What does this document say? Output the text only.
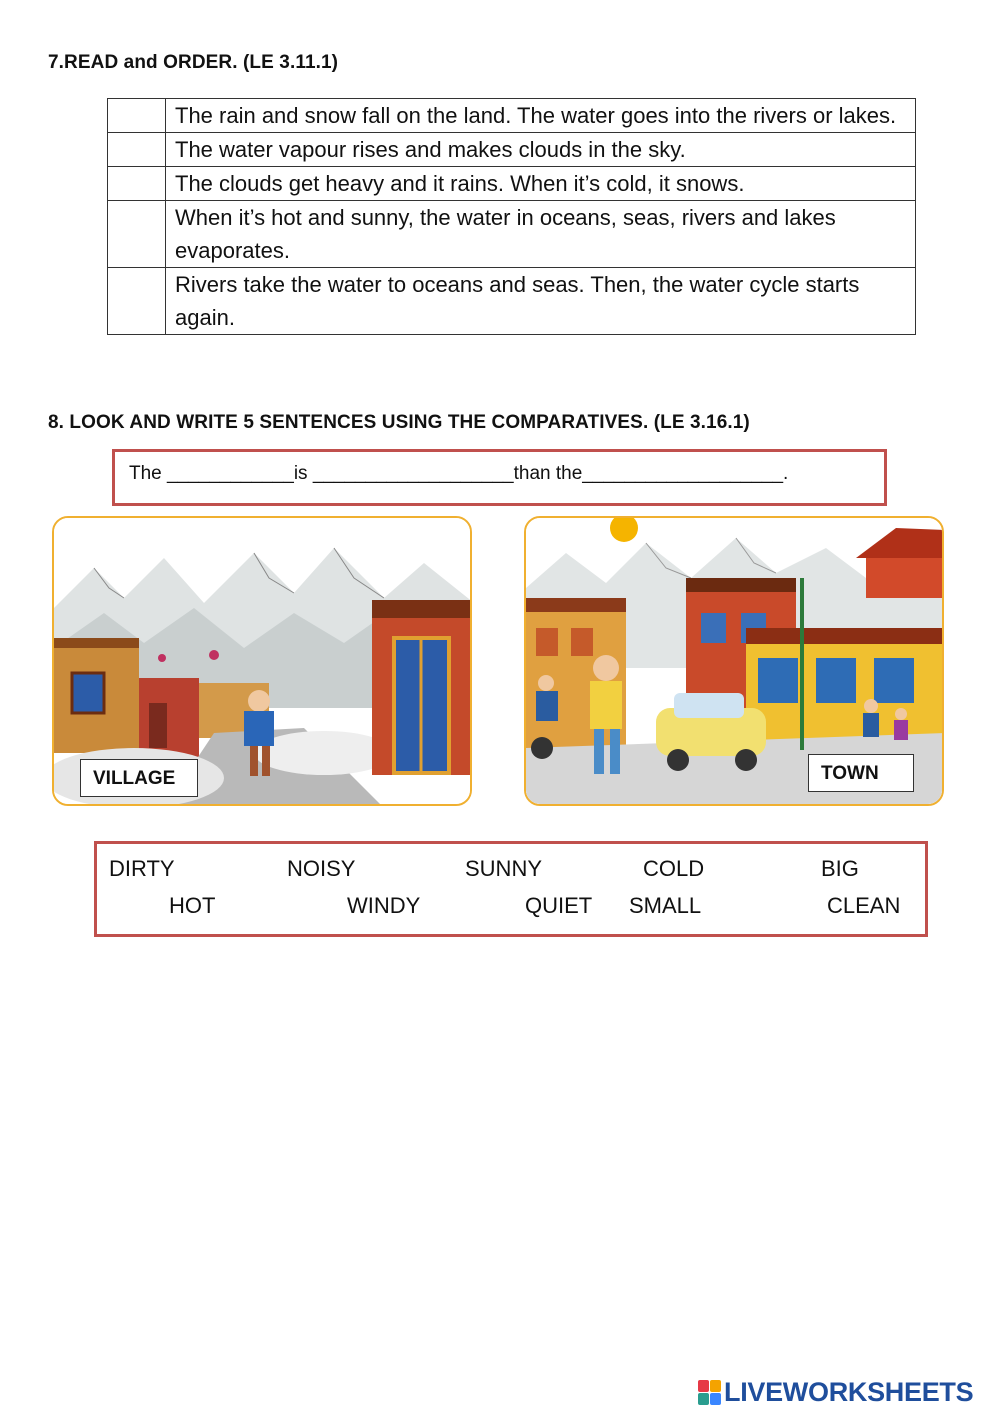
7.READ and ORDER. (LE 3.11.1)
	The rain and snow fall on the land. The water goes into the rivers or lakes.
	The water vapour rises and makes clouds in the sky.
	The clouds get heavy and it rains. When it’s cold, it snows.
	When it’s hot and sunny, the water in oceans, seas, rivers and lakes evaporates.
	Rivers take the water to oceans and seas. Then, the water cycle starts again.
8. LOOK AND WRITE 5 SENTENCES USING THE COMPARATIVES. (LE 3.16.1)
The ____________is ___________________than the___________________.
VILLAGE	TOWN
DIRTY	NOISY	SUNNY	COLD	BIG
HOT	WINDY	QUIET SMALL	CLEAN
LIVEWORKSHEETS
